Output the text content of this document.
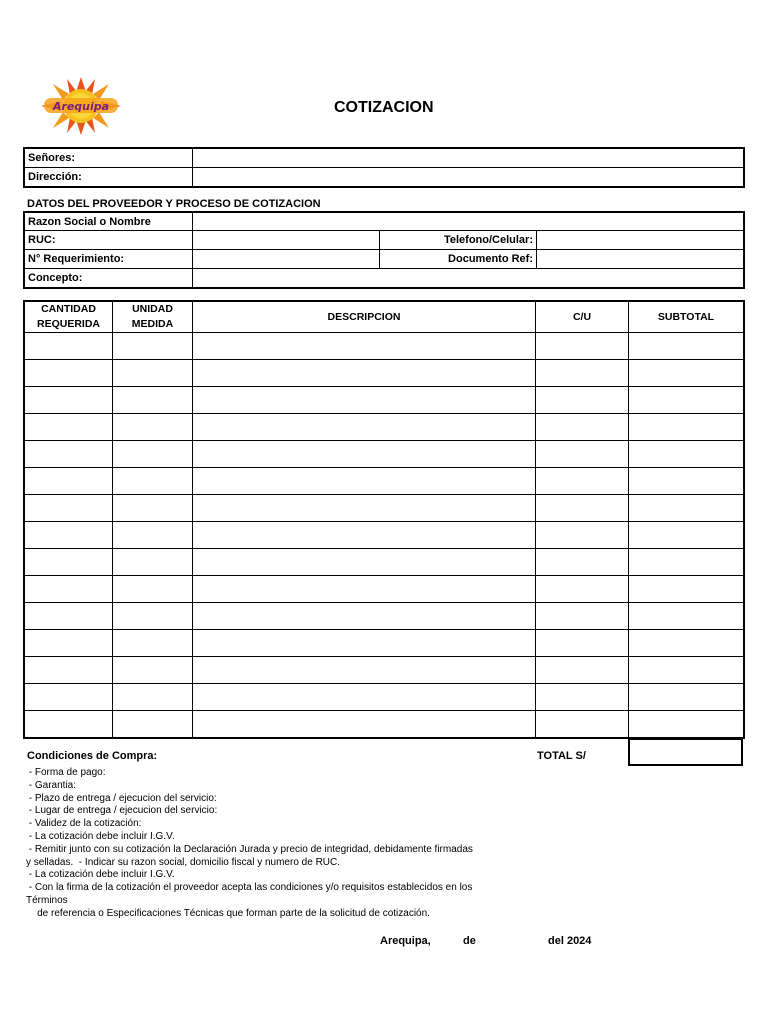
Arequipa	COTIZACION
Señores:	
Dirección:	
DATOS DEL PROVEEDOR Y PROCESO DE COTIZACION
Razon Social o Nombre			
RUC:		Telefono/Celular:	
N° Requerimiento:		Documento Ref:	
Concepto:			
CANTIDAD REQUERIDA	UNIDAD MEDIDA	DESCRIPCION	C/U	SUBTOTAL

Condiciones de Compra:	TOTAL S/
- Forma de pago:
- Garantia:
- Plazo de entrega / ejecucion del servicio:
- Lugar de entrega / ejecucion del servicio:
- Validez de la cotización:
- La cotización debe incluir I.G.V.
- Remitir junto con su cotización la Declaración Jurada y precio de integridad, debidamente firmadas
y selladas.  - Indicar su razon social, domicilio fiscal y numero de RUC.
- La cotización debe incluir I.G.V.
- Con la firma de la cotización el proveedor acepta las condiciones y/o requisitos establecidos en los
Términos
de referencia o Especificaciones Técnicas que forman parte de la solicitud de cotización.
Arequipa,	de	del 2024
